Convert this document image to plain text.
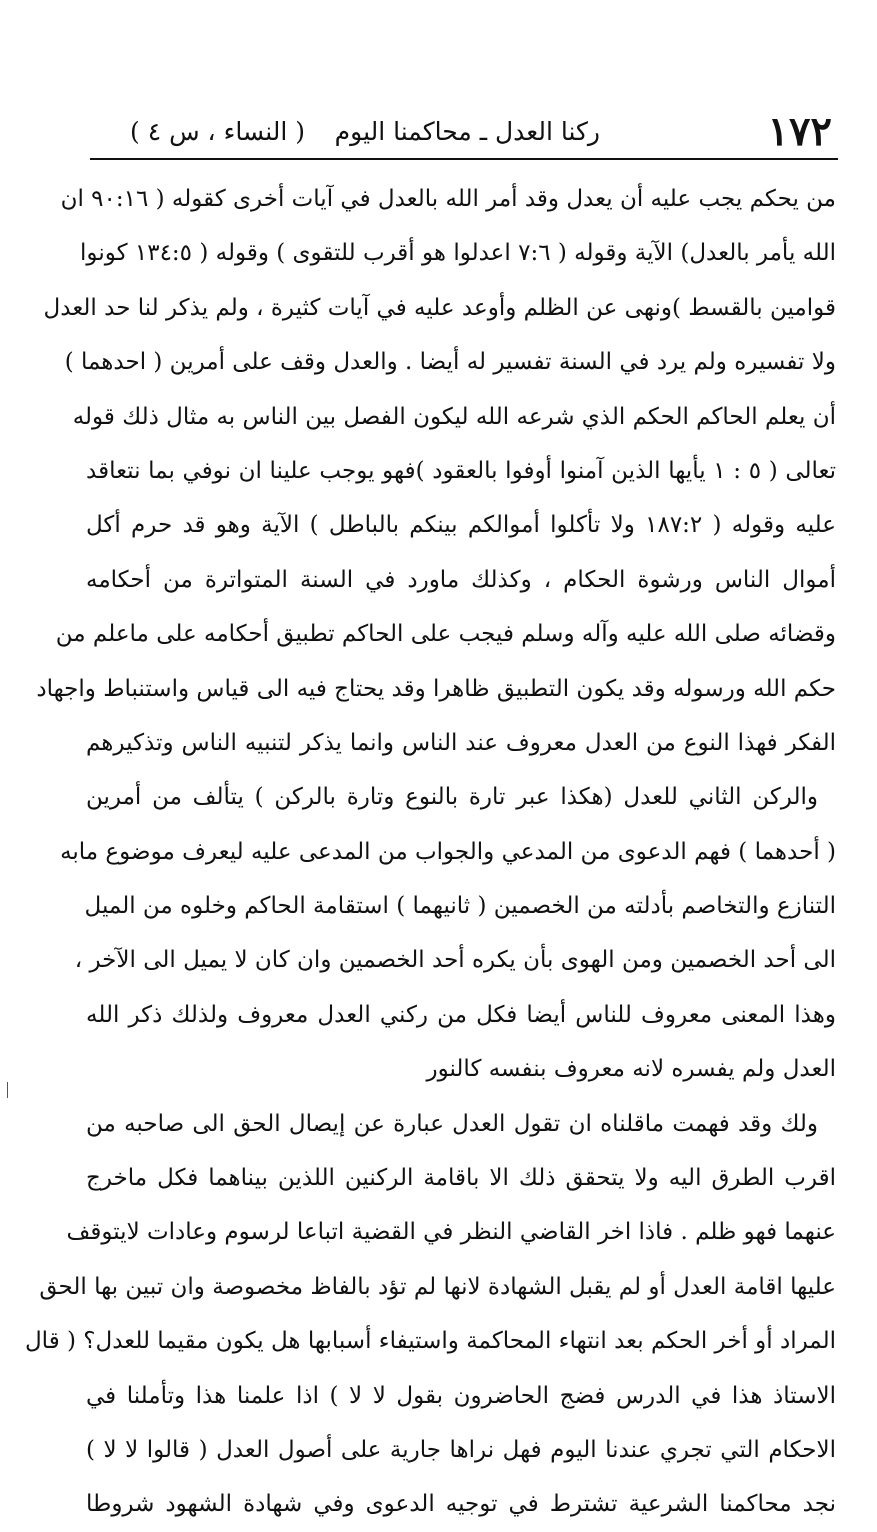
١٧٢
ركنا العدل ـ محاكمنا اليوم
( النساء ، س ٤ )
من يحكم يجب عليه أن يعدل وقد أمر الله بالعدل في آيات أخرى كقوله ( ٩٠:١٦ ان
الله يأمر بالعدل) الآية وقوله ( ٧:٦ اعدلوا هو أقرب للتقوى ) وقوله ( ١٣٤:٥ كونوا
قوامين بالقسط )ونهى عن الظلم وأوعد عليه في آيات كثيرة ، ولم يذكر لنا حد العدل
ولا تفسيره ولم يرد في السنة تفسير له أيضا . والعدل وقف على أمرين ( احدهما )
أن يعلم الحاكم الحكم الذي شرعه الله ليكون الفصل بين الناس به مثال ذلك قوله
تعالى ( ٥ : ١ يأيها الذين آمنوا أوفوا بالعقود )فهو يوجب علينا ان نوفي بما نتعاقد
عليه وقوله ( ١٨٧:٢ ولا تأكلوا أموالكم بينكم بالباطل ) الآية وهو قد حرم أكل
أموال الناس ورشوة الحكام ، وكذلك ماورد في السنة المتواترة من أحكامه
وقضائه صلى الله عليه وآله وسلم فيجب على الحاكم تطبيق أحكامه على ماعلم من
حكم الله ورسوله وقد يكون التطبيق ظاهرا وقد يحتاج فيه الى قياس واستنباط واجهاد
الفكر فهذا النوع من العدل معروف عند الناس وانما يذكر لتنبيه الناس وتذكيرهم
والركن الثاني للعدل (هكذا عبر تارة بالنوع وتارة بالركن ) يتألف من أمرين
( أحدهما ) فهم الدعوى من المدعي والجواب من المدعى عليه ليعرف موضوع مابه
التنازع والتخاصم بأدلته من الخصمين ( ثانيهما ) استقامة الحاكم وخلوه من الميل
الى أحد الخصمين ومن الهوى بأن يكره أحد الخصمين وان كان لا يميل الى الآخر ،
وهذا المعنى معروف للناس أيضا فكل من ركني العدل معروف ولذلك ذكر الله
العدل ولم يفسره لانه معروف بنفسه كالنور
ولك وقد فهمت ماقلناه ان تقول العدل عبارة عن إيصال الحق الى صاحبه من
اقرب الطرق اليه ولا يتحقق ذلك الا باقامة الركنين اللذين بيناهما فكل ماخرج
عنهما فهو ظلم . فاذا اخر القاضي النظر في القضية اتباعا لرسوم وعادات لايتوقف
عليها اقامة العدل أو لم يقبل الشهادة لانها لم تؤد بالفاظ مخصوصة وان تبين بها الحق
المراد أو أخر الحكم بعد انتهاء المحاكمة واستيفاء أسبابها هل يكون مقيما للعدل؟ ( قال
الاستاذ هذا في الدرس فضج الحاضرون بقول لا لا ) اذا علمنا هذا وتأملنا في
الاحكام التي تجري عندنا اليوم فهل نراها جارية على أصول العدل ( قالوا لا لا )
نجد محاكمنا الشرعية تشترط في توجيه الدعوى وفي شهادة الشهود شروطا
